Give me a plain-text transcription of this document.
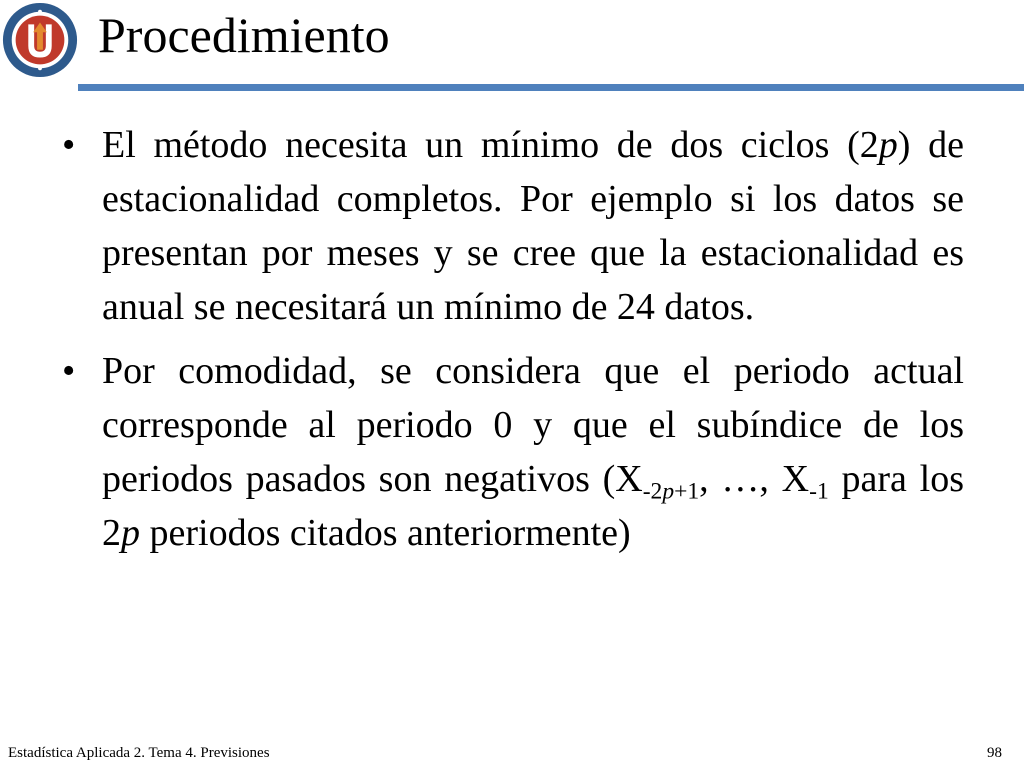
Procedimiento
• El método necesita un mínimo de dos ciclos (2p) de estacionalidad completos. Por ejemplo si los datos se presentan por meses y se cree que la estacionalidad es anual se necesitará un mínimo de 24 datos.
• Por comodidad, se considera que el periodo actual corresponde al periodo 0 y que el subíndice de los periodos pasados son negativos ($X_{-2p+1}$, …, $X_{-1}$ para los 2p periodos citados anteriormente)
Estadística Aplicada 2. Tema 4. Previsiones	98
